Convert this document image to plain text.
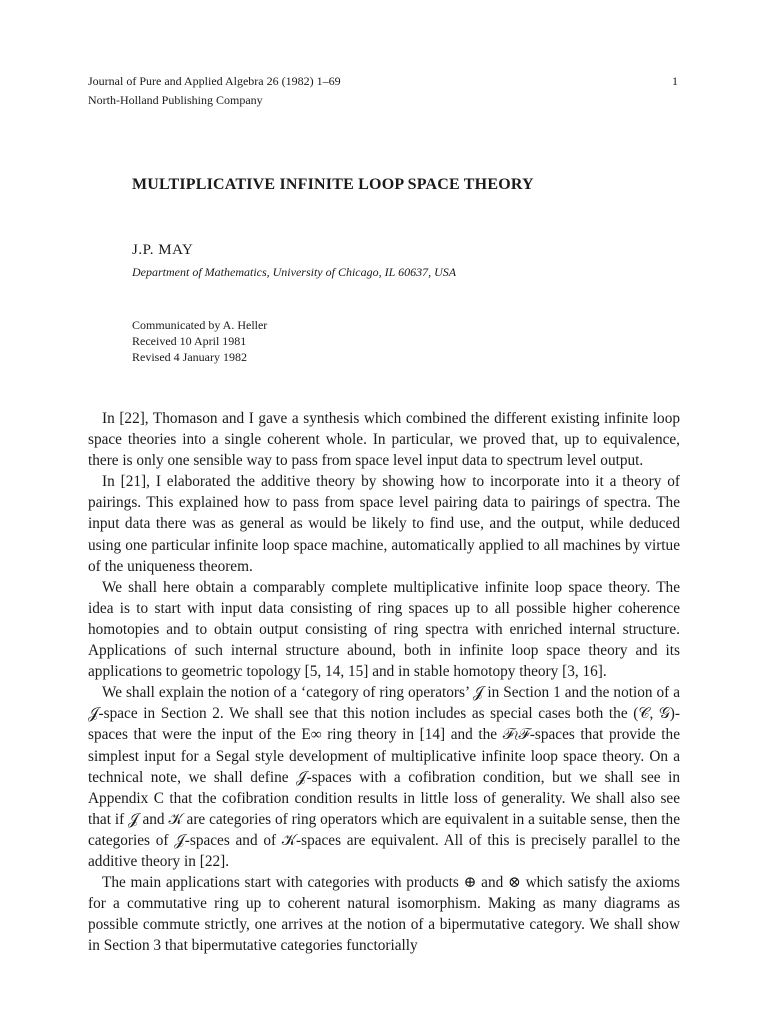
Journal of Pure and Applied Algebra 26 (1982) 1–69
North-Holland Publishing Company
1
MULTIPLICATIVE INFINITE LOOP SPACE THEORY
J.P. MAY
Department of Mathematics, University of Chicago, IL 60637, USA
Communicated by A. Heller
Received 10 April 1981
Revised 4 January 1982

In [22], Thomason and I gave a synthesis which combined the different existing infinite loop space theories into a single coherent whole. In particular, we proved that, up to equivalence, there is only one sensible way to pass from space level input data to spectrum level output.

In [21], I elaborated the additive theory by showing how to incorporate into it a theory of pairings. This explained how to pass from space level pairing data to pairings of spectra. The input data there was as general as would be likely to find use, and the output, while deduced using one particular infinite loop space machine, automatically applied to all machines by virtue of the uniqueness theorem.

We shall here obtain a comparably complete multiplicative infinite loop space theory. The idea is to start with input data consisting of ring spaces up to all possible higher coherence homotopies and to obtain output consisting of ring spectra with enriched internal structure. Applications of such internal structure abound, both in infinite loop space theory and its applications to geometric topology [5, 14, 15] and in stable homotopy theory [3, 16].

We shall explain the notion of a ‘category of ring operators’ 𝒥 in Section 1 and the notion of a 𝒥-space in Section 2. We shall see that this notion includes as special cases both the (𝒞, 𝒢)-spaces that were the input of the E∞ ring theory in [14] and the ℱ≀ℱ-spaces that provide the simplest input for a Segal style development of multiplicative infinite loop space theory. On a technical note, we shall define 𝒥-spaces with a cofibration condition, but we shall see in Appendix C that the cofibration condition results in little loss of generality. We shall also see that if 𝒥 and 𝒦 are categories of ring operators which are equivalent in a suitable sense, then the categories of 𝒥-spaces and of 𝒦-spaces are equivalent. All of this is precisely parallel to the additive theory in [22].

The main applications start with categories with products ⊕ and ⊗ which satisfy the axioms for a commutative ring up to coherent natural isomorphism. Making as many diagrams as possible commute strictly, one arrives at the notion of a bipermutative category. We shall show in Section 3 that bipermutative categories functorially
